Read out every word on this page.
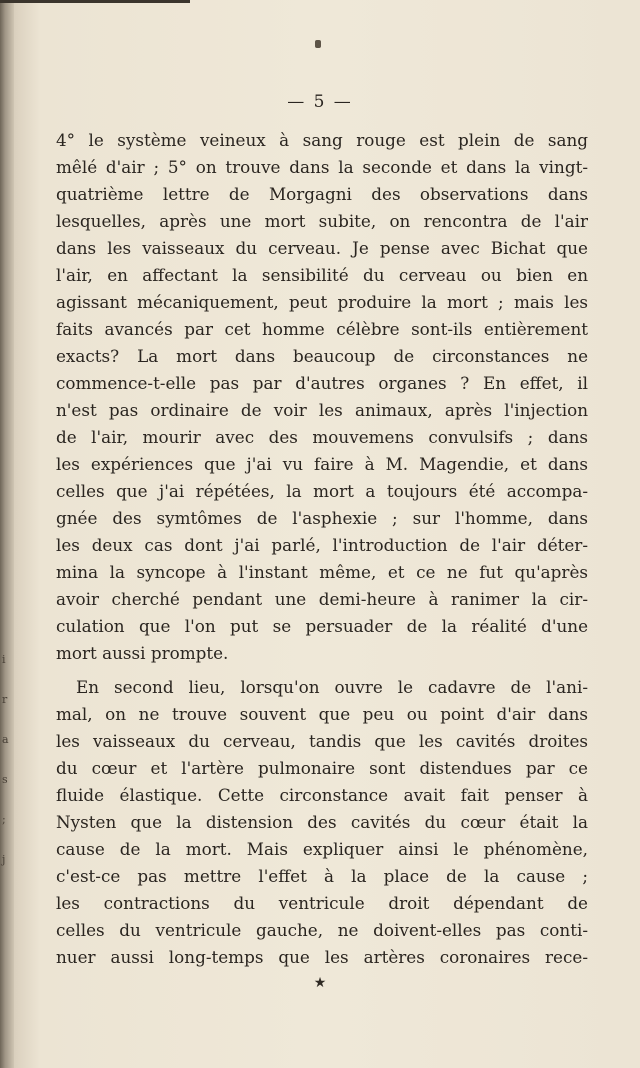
i
r
a
s
;
j
— 5 —
4° le système veineux à sang rouge est plein de sang
mêlé d'air ; 5° on trouve dans la seconde et dans la vingt-
quatrième lettre de Morgagni des observations dans
lesquelles, après une mort subite, on rencontra de l'air
dans les vaisseaux du cerveau. Je pense avec Bichat que
l'air, en affectant la sensibilité du cerveau ou bien en
agissant mécaniquement, peut produire la mort ; mais les
faits avancés par cet homme célèbre sont-ils entièrement
exacts? La mort dans beaucoup de circonstances ne
commence-t-elle pas par d'autres organes ? En effet, il
n'est pas ordinaire de voir les animaux, après l'injection
de l'air, mourir avec des mouvemens convulsifs ; dans
les expériences que j'ai vu faire à M. Magendie, et dans
celles que j'ai répétées, la mort a toujours été accompa-
gnée des symtômes de l'asphexie ; sur l'homme, dans
les deux cas dont j'ai parlé, l'introduction de l'air déter-
mina la syncope à l'instant même, et ce ne fut qu'après
avoir cherché pendant une demi-heure à ranimer la cir-
culation que l'on put se persuader de la réalité d'une
mort aussi prompte.
En second lieu, lorsqu'on ouvre le cadavre de l'ani-
mal, on ne trouve souvent que peu ou point d'air dans
les vaisseaux du cerveau, tandis que les cavités droites
du cœur et l'artère pulmonaire sont distendues par ce
fluide élastique. Cette circonstance avait fait penser à
Nysten que la distension des cavités du cœur était la
cause de la mort. Mais expliquer ainsi le phénomène,
c'est-ce pas mettre l'effet à la place de la cause ;
les contractions du ventricule droit dépendant de
celles du ventricule gauche, ne doivent-elles pas conti-
nuer aussi long-temps que les artères coronaires rece-
★
